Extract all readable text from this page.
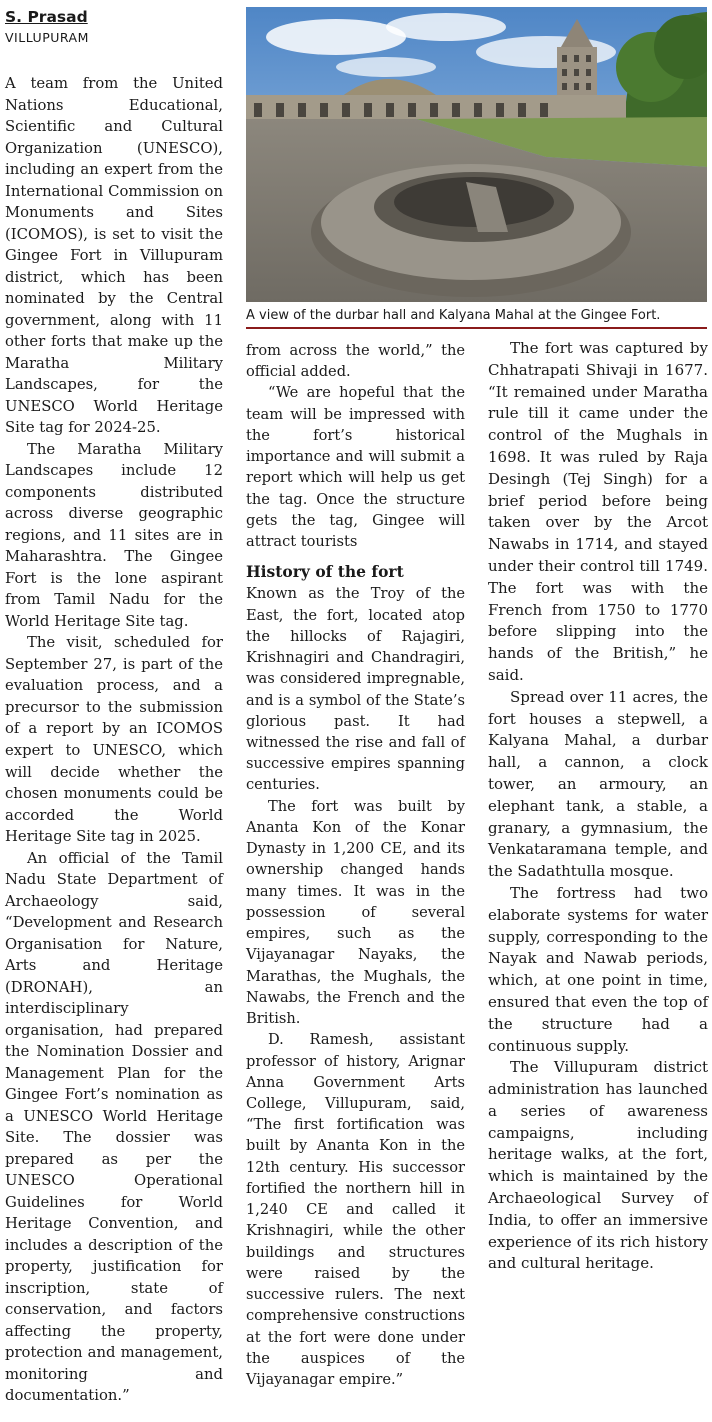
S. Prasad
VILLUPURAM

A team from the United Nations Educational, Scientific and Cultural Organization (UNESCO), including an expert from the International Commission on Monuments and Sites (ICOMOS), is set to visit the Gingee Fort in Villupuram district, which has been nominated by the Central government, along with 11 other forts that make up the Maratha Military Landscapes, for the UNESCO World Heritage Site tag for 2024-25.

The Maratha Military Landscapes include 12 components distributed across diverse geographic regions, and 11 sites are in Maharashtra. The Gingee Fort is the lone aspirant from Tamil Nadu for the World Heritage Site tag.

The visit, scheduled for September 27, is part of the evaluation process, and a precursor to the submission of a report by an ICOMOS expert to UNESCO, which will decide whether the chosen monuments could be accorded the World Heritage Site tag in 2025.

An official of the Tamil Nadu State Department of Archaeology said, “Development and Research Organisation for Nature, Arts and Heritage (DRONAH), an interdisciplinary organisation, had prepared the Nomination Dossier and Management Plan for the Gingee Fort’s nomination as a UNESCO World Heritage Site. The dossier was prepared as per the UNESCO Operational Guidelines for World Heritage Convention, and includes a description of the property, justification for inscription, state of conservation, and factors affecting the property, protection and management, monitoring and documentation.”

A view of the durbar hall and Kalyana Mahal at the Gingee Fort.

from across the world,” the official added.

“We are hopeful that the team will be impressed with the fort’s historical importance and will submit a report which will help us get the tag. Once the structure gets the tag, Gingee will attract tourists

History of the fort

Known as the Troy of the East, the fort, located atop the hillocks of Rajagiri, Krishnagiri and Chandragiri, was considered impregnable, and is a symbol of the State’s glorious past. It had witnessed the rise and fall of successive empires spanning centuries.

The fort was built by Ananta Kon of the Konar Dynasty in 1,200 CE, and its ownership changed hands many times. It was in the possession of several empires, such as the Vijayanagar Nayaks, the Marathas, the Mughals, the Nawabs, the French and the British.

D. Ramesh, assistant professor of history, Arignar Anna Government Arts College, Villupuram, said, “The first fortification was built by Ananta Kon in the 12th century. His successor fortified the northern hill in 1,240 CE and called it Krishnagiri, while the other buildings and structures were raised by the successive rulers. The next comprehensive constructions at the fort were done under the auspices of the Vijayanagar empire.”

The fort was captured by Chhatrapati Shivaji in 1677. “It remained under Maratha rule till it came under the control of the Mughals in 1698. It was ruled by Raja Desingh (Tej Singh) for a brief period before being taken over by the Arcot Nawabs in 1714, and stayed under their control till 1749. The fort was with the French from 1750 to 1770 before slipping into the hands of the British,” he said.

Spread over 11 acres, the fort houses a stepwell, a Kalyana Mahal, a durbar hall, a cannon, a clock tower, an armoury, an elephant tank, a stable, a granary, a gymnasium, the Venkataramana temple, and the Sadathtulla mosque.

The fortress had two elaborate systems for water supply, corresponding to the Nayak and Nawab periods, which, at one point in time, ensured that even the top of the structure had a continuous supply.

The Villupuram district administration has launched a series of awareness campaigns, including heritage walks, at the fort, which is maintained by the Archaeological Survey of India, to offer an immersive experience of its rich history and cultural heritage.
